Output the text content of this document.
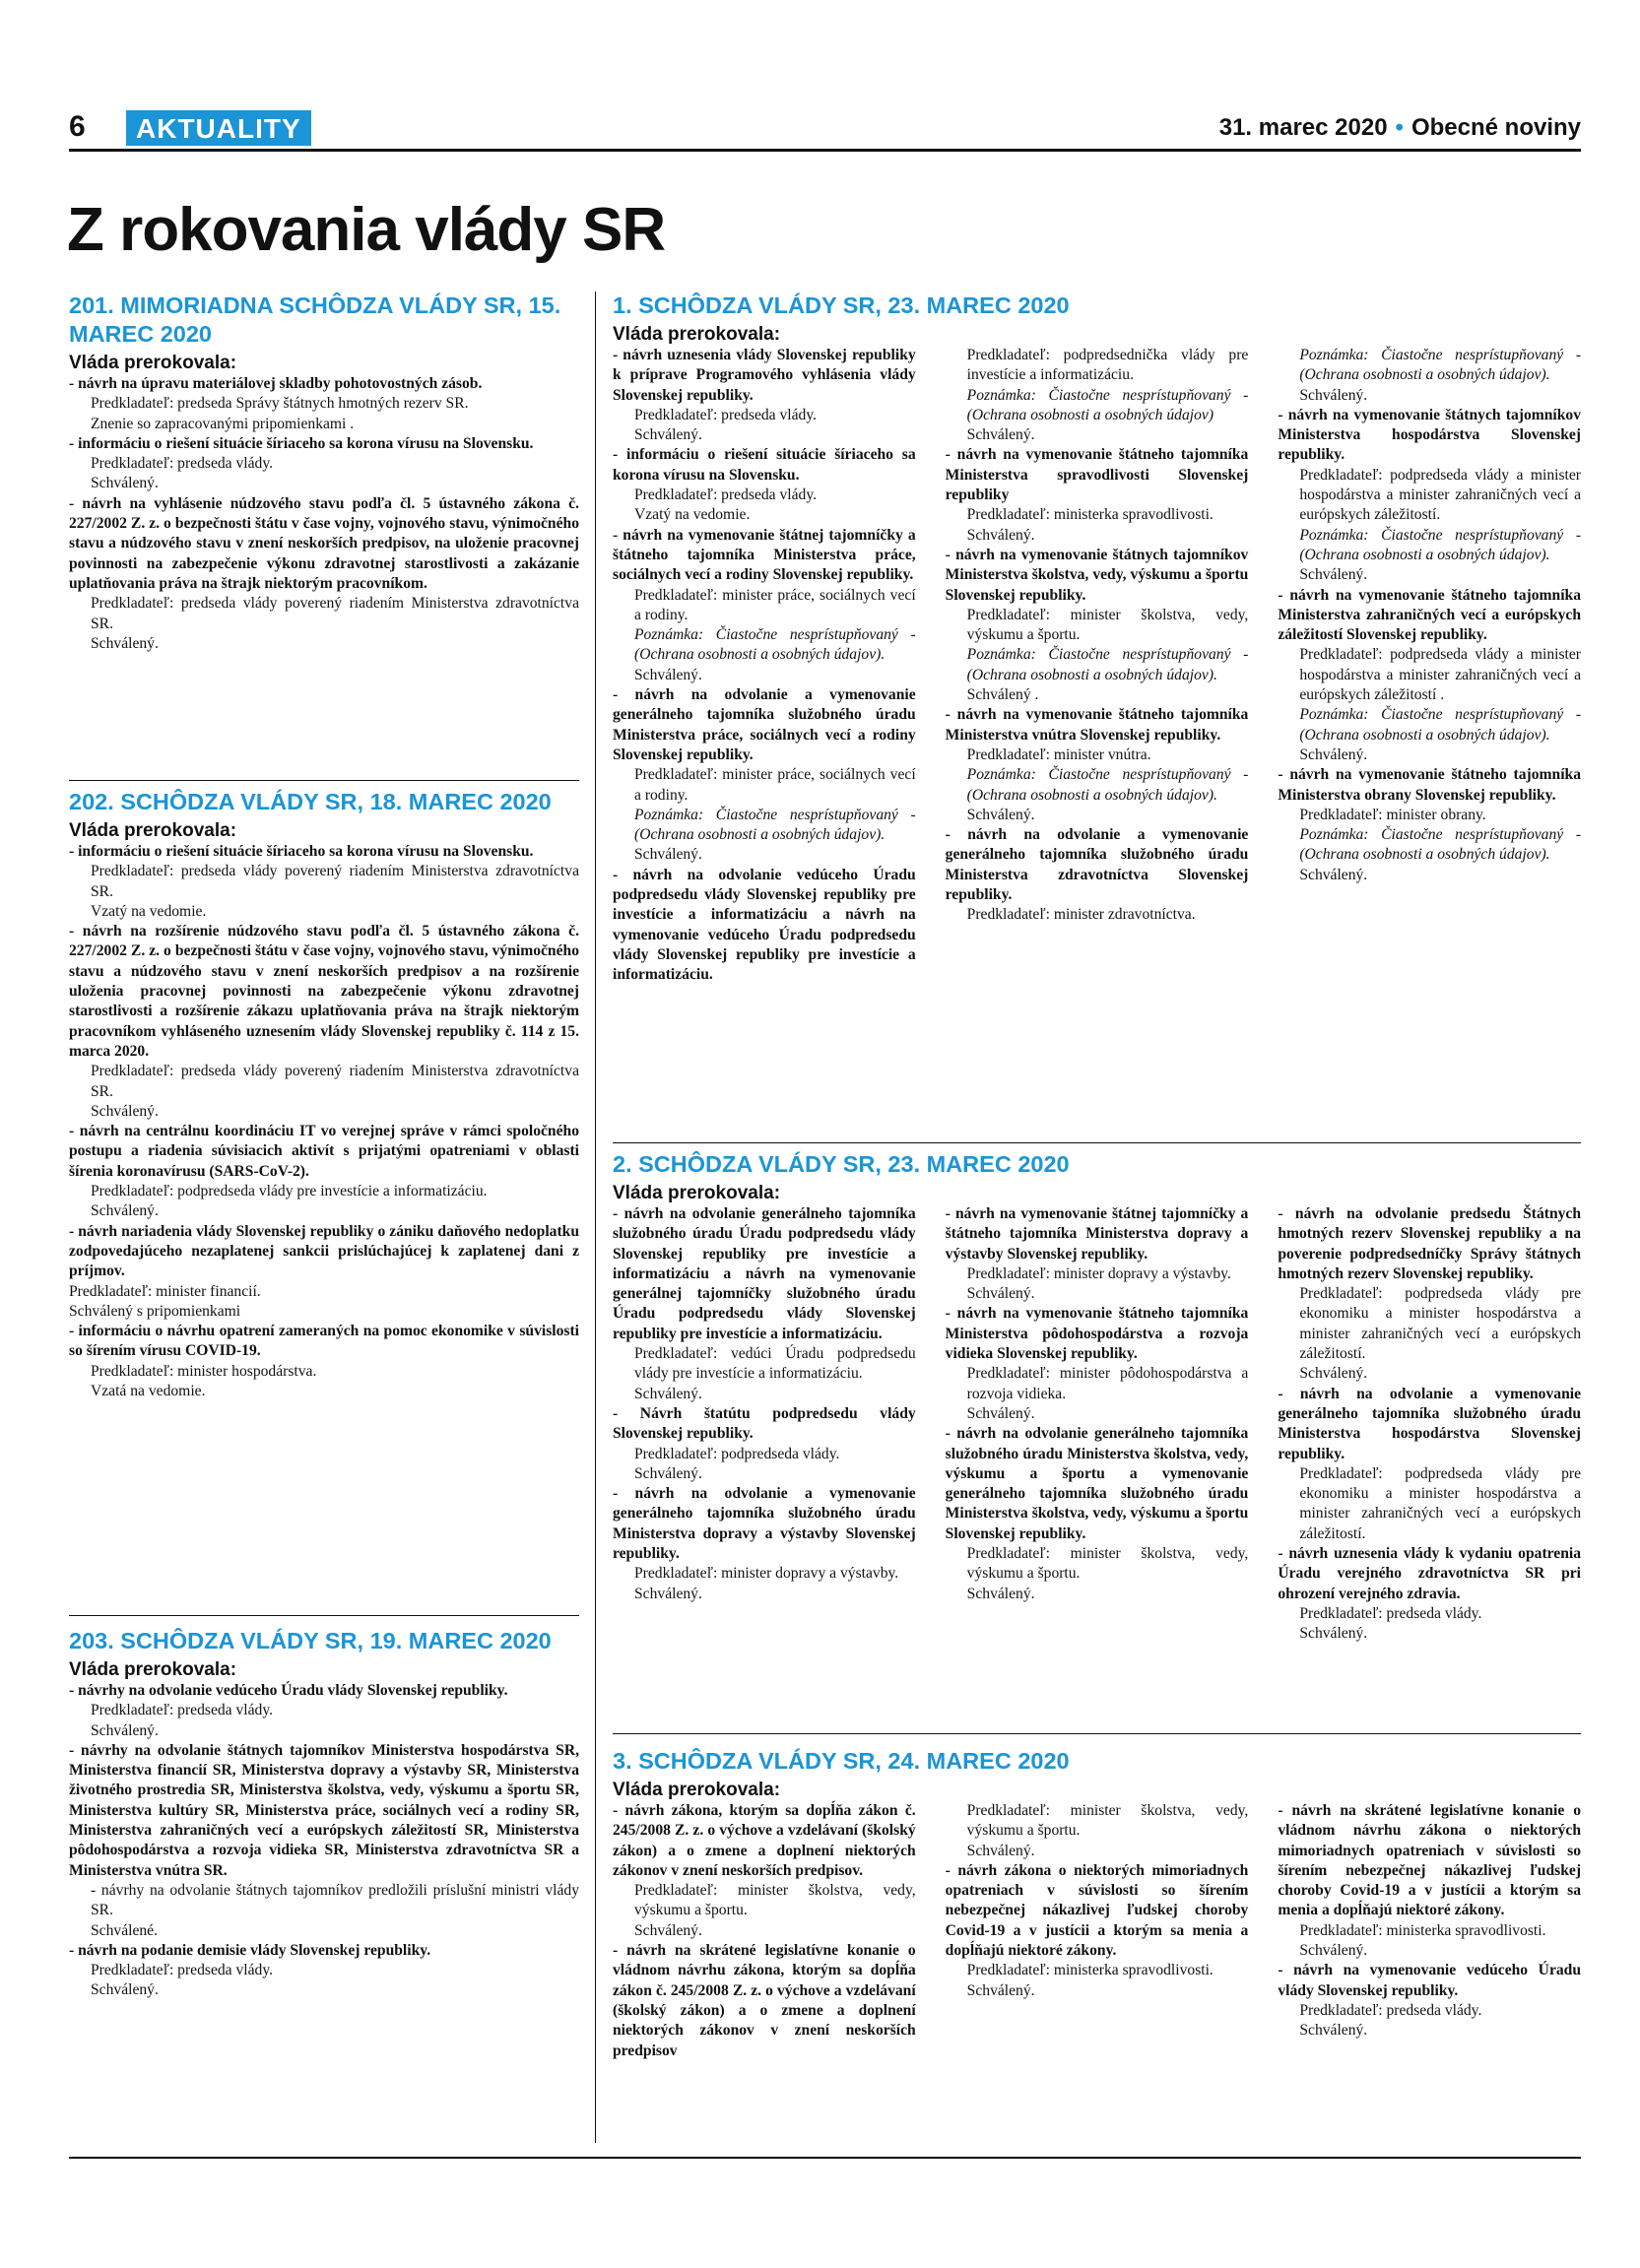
6	AKTUALITY	31. marec 2020 • Obecné noviny
Z rokovania vlády SR
201. MIMORIADNA SCHÔDZA VLÁDY SR, 15. MAREC 2020
Vláda prerokovala:

- návrh na úpravu materiálovej skladby pohotovostných zásob.

Predkladateľ: predseda Správy štátnych hmotných rezerv SR.

Znenie so zapracovanými pripomienkami .

- informáciu o riešení situácie šíriaceho sa korona vírusu na Slovensku.

Predkladateľ: predseda vlády.

Schválený.

- návrh na vyhlásenie núdzového stavu podľa čl. 5 ústavného zákona č. 227/2002 Z. z. o bezpečnosti štátu v čase vojny, vojnového stavu, výnimočného stavu a núdzového stavu v znení neskorších predpisov, na uloženie pracovnej povinnosti na zabezpečenie výkonu zdravotnej starostlivosti a zakázanie uplatňovania práva na štrajk niektorým pracovníkom.

Predkladateľ: predseda vlády poverený riadením Ministerstva zdravotníctva SR.

Schválený.

202. SCHÔDZA VLÁDY SR, 18. MAREC 2020
Vláda prerokovala:

- informáciu o riešení situácie šíriaceho sa korona vírusu na Slovensku.

Predkladateľ: predseda vlády poverený riadením Ministerstva zdravotníctva SR.

Vzatý na vedomie.

- návrh na rozšírenie núdzového stavu podľa čl. 5 ústavného zákona č. 227/2002 Z. z. o bezpečnosti štátu v čase vojny, vojnového stavu, výnimočného stavu a núdzového stavu v znení neskorších predpisov a na rozšírenie uloženia pracovnej povinnosti na zabezpečenie výkonu zdravotnej starostlivosti a rozšírenie zákazu uplatňovania práva na štrajk niektorým pracovníkom vyhláseného uznesením vlády Slovenskej republiky č. 114 z 15. marca 2020.

Predkladateľ: predseda vlády poverený riadením Ministerstva zdravotníctva SR.

Schválený.

- návrh na centrálnu koordináciu IT vo verejnej správe v rámci spoločného postupu a riadenia súvisiacich aktivít s prijatými opatreniami v oblasti šírenia koronavírusu (SARS-CoV-2).

Predkladateľ: podpredseda vlády pre investície a informatizáciu.

Schválený.

- návrh nariadenia vlády Slovenskej republiky o zániku daňového nedoplatku zodpovedajúceho nezaplatenej sankcii prislúchajúcej k zaplatenej dani z príjmov.

Predkladateľ: minister financií.

Schválený s pripomienkami

- informáciu o návrhu opatrení zameraných na pomoc ekonomike v súvislosti so šírením vírusu COVID-19.

Predkladateľ: minister hospodárstva.

Vzatá na vedomie.

203. SCHÔDZA VLÁDY SR, 19. MAREC 2020
Vláda prerokovala:

- návrhy na odvolanie vedúceho Úradu vlády Slovenskej republiky.

Predkladateľ: predseda vlády.

Schválený.

- návrhy na odvolanie štátnych tajomníkov Ministerstva hospodárstva SR, Ministerstva financií SR, Ministerstva dopravy a výstavby SR, Ministerstva životného prostredia SR, Ministerstva školstva, vedy, výskumu a športu SR, Ministerstva kultúry SR, Ministerstva práce, sociálnych vecí a rodiny SR, Ministerstva zahraničných vecí a európskych záležitostí SR, Ministerstva pôdohospodárstva a rozvoja vidieka SR, Ministerstva zdravotníctva SR a Ministerstva vnútra SR.

- návrhy na odvolanie štátnych tajomníkov predložili príslušní ministri vlády SR.

Schválené.

- návrh na podanie demisie vlády Slovenskej republiky.

Predkladateľ: predseda vlády.

Schválený.

1. SCHÔDZA VLÁDY SR, 23. MAREC 2020
Vláda prerokovala:

- návrh uznesenia vlády Slovenskej republiky k príprave Programového vyhlásenia vlády Slovenskej republiky.

Predkladateľ: predseda vlády.

Schválený.

- informáciu o riešení situácie šíriaceho sa korona vírusu na Slovensku.

Predkladateľ: predseda vlády.

Vzatý na vedomie.

- návrh na vymenovanie štátnej tajomníčky a štátneho tajomníka Ministerstva práce, sociálnych vecí a rodiny Slovenskej republiky.

Predkladateľ: minister práce, sociálnych vecí a rodiny.

Poznámka: Čiastočne nesprístupňovaný - (Ochrana osobnosti a osobných údajov).

Schválený.

- návrh na odvolanie a vymenovanie generálneho tajomníka služobného úradu Ministerstva práce, sociálnych vecí a rodiny Slovenskej republiky.

Predkladateľ: minister práce, sociálnych vecí a rodiny.

Poznámka: Čiastočne nesprístupňovaný - (Ochrana osobnosti a osobných údajov).

Schválený.

- návrh na odvolanie vedúceho Úradu podpredsedu vlády Slovenskej republiky pre investície a informatizáciu a návrh na vymenovanie vedúceho Úradu podpredsedu vlády Slovenskej republiky pre investície a informatizáciu.

Predkladateľ: podpredsednička vlády pre investície a informatizáciu.

Poznámka: Čiastočne nesprístupňovaný - (Ochrana osobnosti a osobných údajov)

Schválený.

- návrh na vymenovanie štátneho tajomníka Ministerstva spravodlivosti Slovenskej republiky

Predkladateľ: ministerka spravodlivosti.

Schválený.

- návrh na vymenovanie štátnych tajomníkov Ministerstva školstva, vedy, výskumu a športu Slovenskej republiky.

Predkladateľ: minister školstva, vedy, výskumu a športu.

Poznámka: Čiastočne nesprístupňovaný - (Ochrana osobnosti a osobných údajov).

Schválený .

- návrh na vymenovanie štátneho tajomníka Ministerstva vnútra Slovenskej republiky.

Predkladateľ: minister vnútra.

Poznámka: Čiastočne nesprístupňovaný - (Ochrana osobnosti a osobných údajov).

Schválený.

- návrh na odvolanie a vymenovanie generálneho tajomníka služobného úradu Ministerstva zdravotníctva Slovenskej republiky.

Predkladateľ: minister zdravotníctva.

Poznámka: Čiastočne nesprístupňovaný - (Ochrana osobnosti a osobných údajov).

Schválený.

- návrh na vymenovanie štátnych tajomníkov Ministerstva hospodárstva Slovenskej republiky.

Predkladateľ: podpredseda vlády a minister hospodárstva a minister zahraničných vecí a európskych záležitostí.

Poznámka: Čiastočne nesprístupňovaný - (Ochrana osobnosti a osobných údajov).

Schválený.

- návrh na vymenovanie štátneho tajomníka Ministerstva zahraničných vecí a európskych záležitostí Slovenskej republiky.

Predkladateľ: podpredseda vlády a minister hospodárstva a minister zahraničných vecí a európskych záležitostí .

Poznámka: Čiastočne nesprístupňovaný - (Ochrana osobnosti a osobných údajov).

Schválený.

- návrh na vymenovanie štátneho tajomníka Ministerstva obrany Slovenskej republiky.

Predkladateľ: minister obrany.

Poznámka: Čiastočne nesprístupňovaný - (Ochrana osobnosti a osobných údajov).

Schválený.

2. SCHÔDZA VLÁDY SR, 23. MAREC 2020
Vláda prerokovala:

- návrh na odvolanie generálneho tajomníka služobného úradu Úradu podpredsedu vlády Slovenskej republiky pre investície a informatizáciu a návrh na vymenovanie generálnej tajomníčky služobného úradu Úradu podpredsedu vlády Slovenskej republiky pre investície a informatizáciu.

Predkladateľ: vedúci Úradu podpredsedu vlády pre investície a informatizáciu.

Schválený.

- Návrh štatútu podpredsedu vlády Slovenskej republiky.

Predkladateľ: podpredseda vlády.

Schválený.

- návrh na odvolanie a vymenovanie generálneho tajomníka služobného úradu Ministerstva dopravy a výstavby Slovenskej republiky.

Predkladateľ: minister dopravy a výstavby.

Schválený.

- návrh na vymenovanie štátnej tajomníčky a štátneho tajomníka Ministerstva dopravy a výstavby Slovenskej republiky.

Predkladateľ: minister dopravy a výstavby.

Schválený.

- návrh na vymenovanie štátneho tajomníka Ministerstva pôdohospodárstva a rozvoja vidieka Slovenskej republiky.

Predkladateľ: minister pôdohospodárstva a rozvoja vidieka.

Schválený.

- návrh na odvolanie generálneho tajomníka služobného úradu Ministerstva školstva, vedy, výskumu a športu a vymenovanie generálneho tajomníka služobného úradu Ministerstva školstva, vedy, výskumu a športu Slovenskej republiky.

Predkladateľ: minister školstva, vedy, výskumu a športu.

Schválený.

- návrh na odvolanie predsedu Štátnych hmotných rezerv Slovenskej republiky a na poverenie podpredsedníčky Správy štátnych hmotných rezerv Slovenskej republiky.

Predkladateľ: podpredseda vlády pre ekonomiku a minister hospodárstva a minister zahraničných vecí a európskych záležitostí.

Schválený.

- návrh na odvolanie a vymenovanie generálneho tajomníka služobného úradu Ministerstva hospodárstva Slovenskej republiky.

Predkladateľ: podpredseda vlády pre ekonomiku a minister hospodárstva a minister zahraničných vecí a európskych záležitostí.

- návrh uznesenia vlády k vydaniu opatrenia Úradu verejného zdravotníctva SR pri ohrození verejného zdravia.

Predkladateľ: predseda vlády.

Schválený.

3. SCHÔDZA VLÁDY SR, 24. MAREC 2020
Vláda prerokovala:

- návrh zákona, ktorým sa dopĺňa zákon č. 245/2008 Z. z. o výchove a vzdelávaní (školský zákon) a o zmene a doplnení niektorých zákonov v znení neskorších predpisov.

Predkladateľ: minister školstva, vedy, výskumu a športu.

Schválený.

- návrh na skrátené legislatívne konanie o vládnom návrhu zákona, ktorým sa dopĺňa zákon č. 245/2008 Z. z. o výchove a vzdelávaní (školský zákon) a o zmene a doplnení niektorých zákonov v znení neskorších predpisov

Predkladateľ: minister školstva, vedy, výskumu a športu.

Schválený.

- návrh zákona o niektorých mimoriadnych opatreniach v súvislosti so šírením nebezpečnej nákazlivej ľudskej choroby Covid-19 a v justícii a ktorým sa menia a dopĺňajú niektoré zákony.

Predkladateľ: ministerka spravodlivosti.

Schválený.

- návrh na skrátené legislatívne konanie o vládnom návrhu zákona o niektorých mimoriadnych opatreniach v súvislosti so šírením nebezpečnej nákazlivej ľudskej choroby Covid-19 a v justícii a ktorým sa menia a dopĺňajú niektoré zákony.

Predkladateľ: ministerka spravodlivosti.

Schválený.

- návrh na vymenovanie vedúceho Úradu vlády Slovenskej republiky.

Predkladateľ: predseda vlády.

Schválený.
